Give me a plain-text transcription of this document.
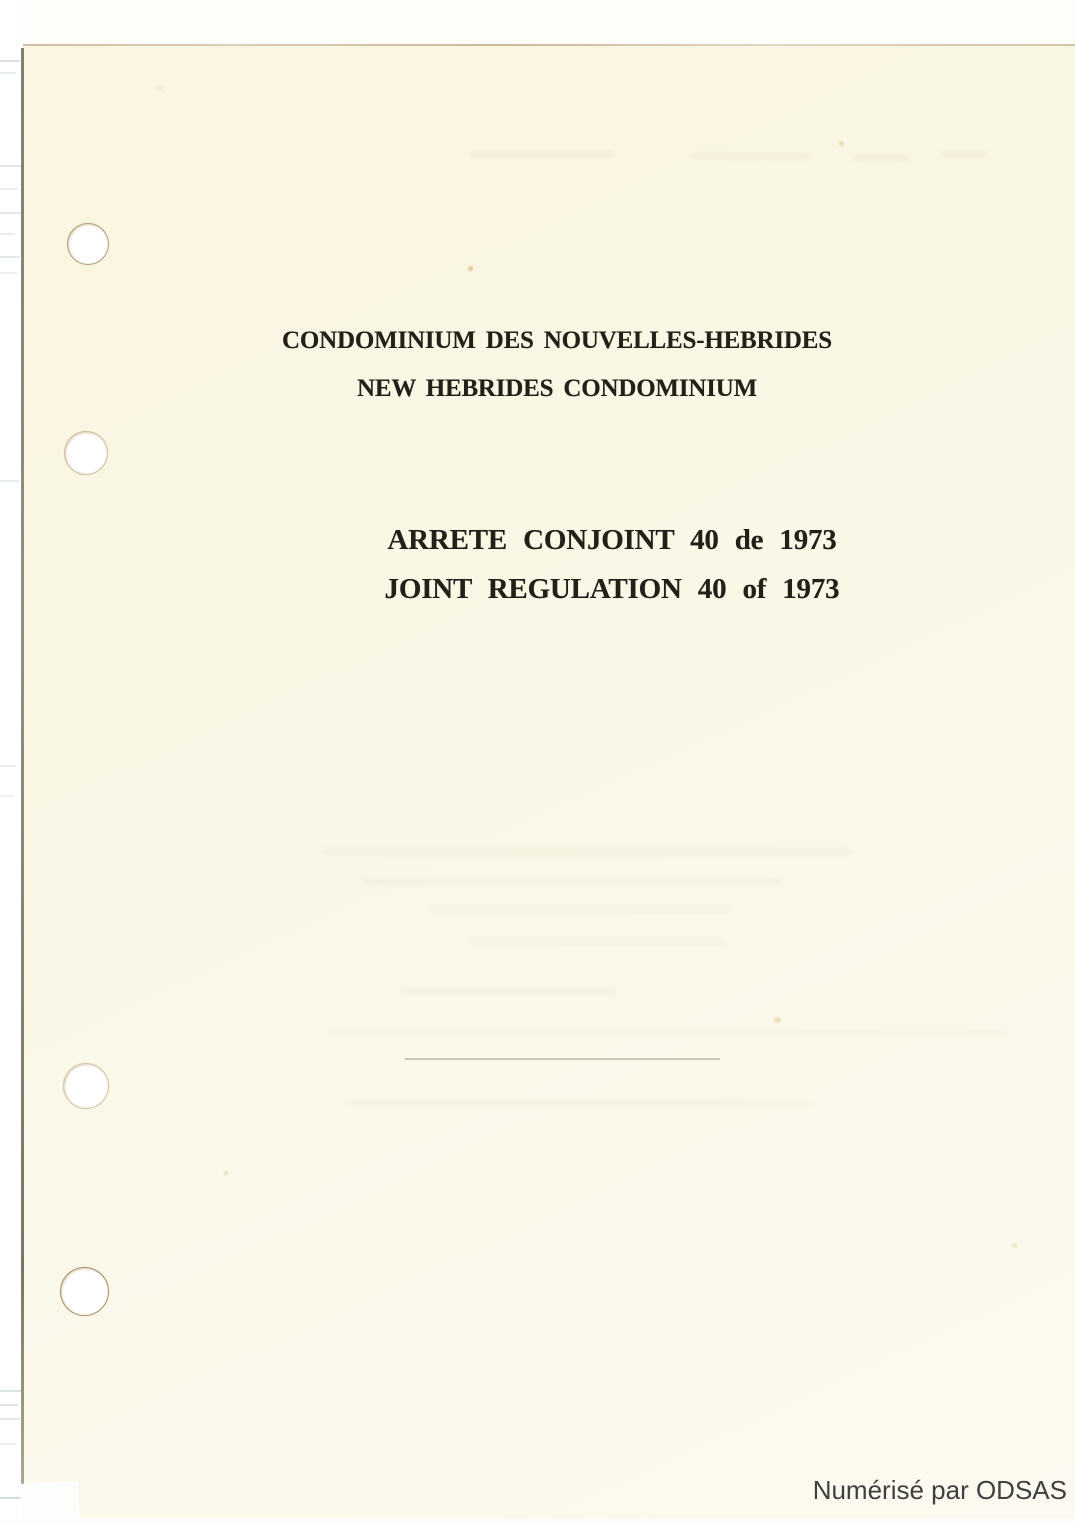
CONDOMINIUM DES NOUVELLES-HEBRIDES
NEW HEBRIDES CONDOMINIUM
ARRETE CONJOINT 40 de 1973
JOINT REGULATION 40 of 1973
Numérisé par ODSAS
